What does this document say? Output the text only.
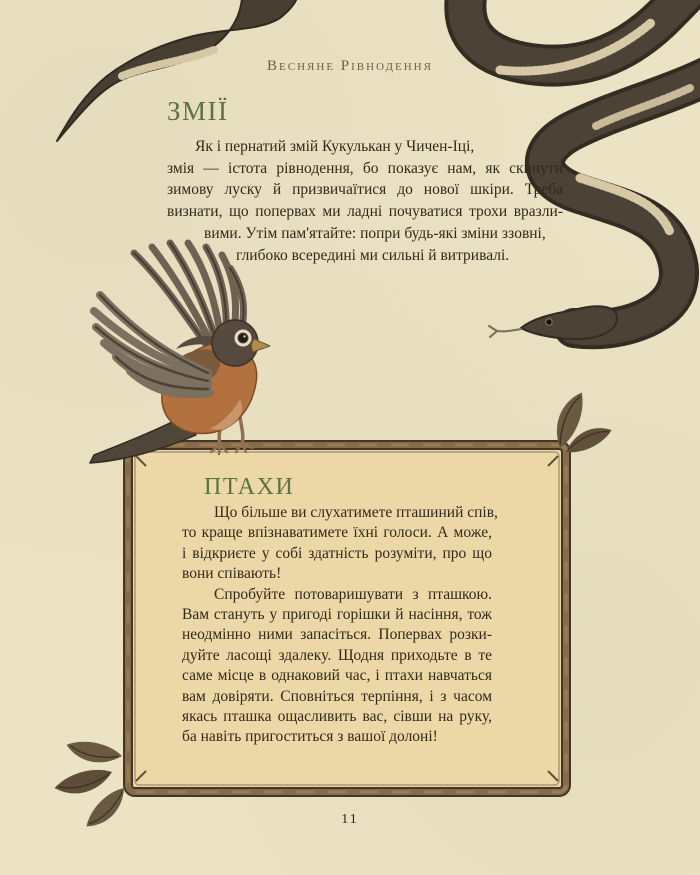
Весняне Рівнодення
ЗМІЇ
Як і пернатий змій Кукулькан у Чичен-Іці,
змія — істота рівнодення, бо показує нам, як скинути
зимову луску й призвичаїтися до нової шкіри. Треба
визнати, що попервах ми ладні почуватися трохи вразли-
вими. Утім пам'ятайте: попри будь-які зміни ззовні,
глибоко всередині ми сильні й витривалі.
ПТАХИ
Що більше ви слухатимете пташиний спів,
то краще впізнаватимете їхні голоси. А може,
і відкриєте у собі здатність розуміти, про що
вони співають!
Спробуйте потоваришувати з пташкою.
Вам стануть у пригоді горішки й насіння, тож
неодмінно ними запасіться. Попервах розки-
дуйте ласощі здалеку. Щодня приходьте в те
саме місце в однаковий час, і птахи навчаться
вам довіряти. Сповніться терпіння, і з часом
якась пташка ощасливить вас, сівши на руку,
ба навіть пригоститься з вашої долоні!
11
